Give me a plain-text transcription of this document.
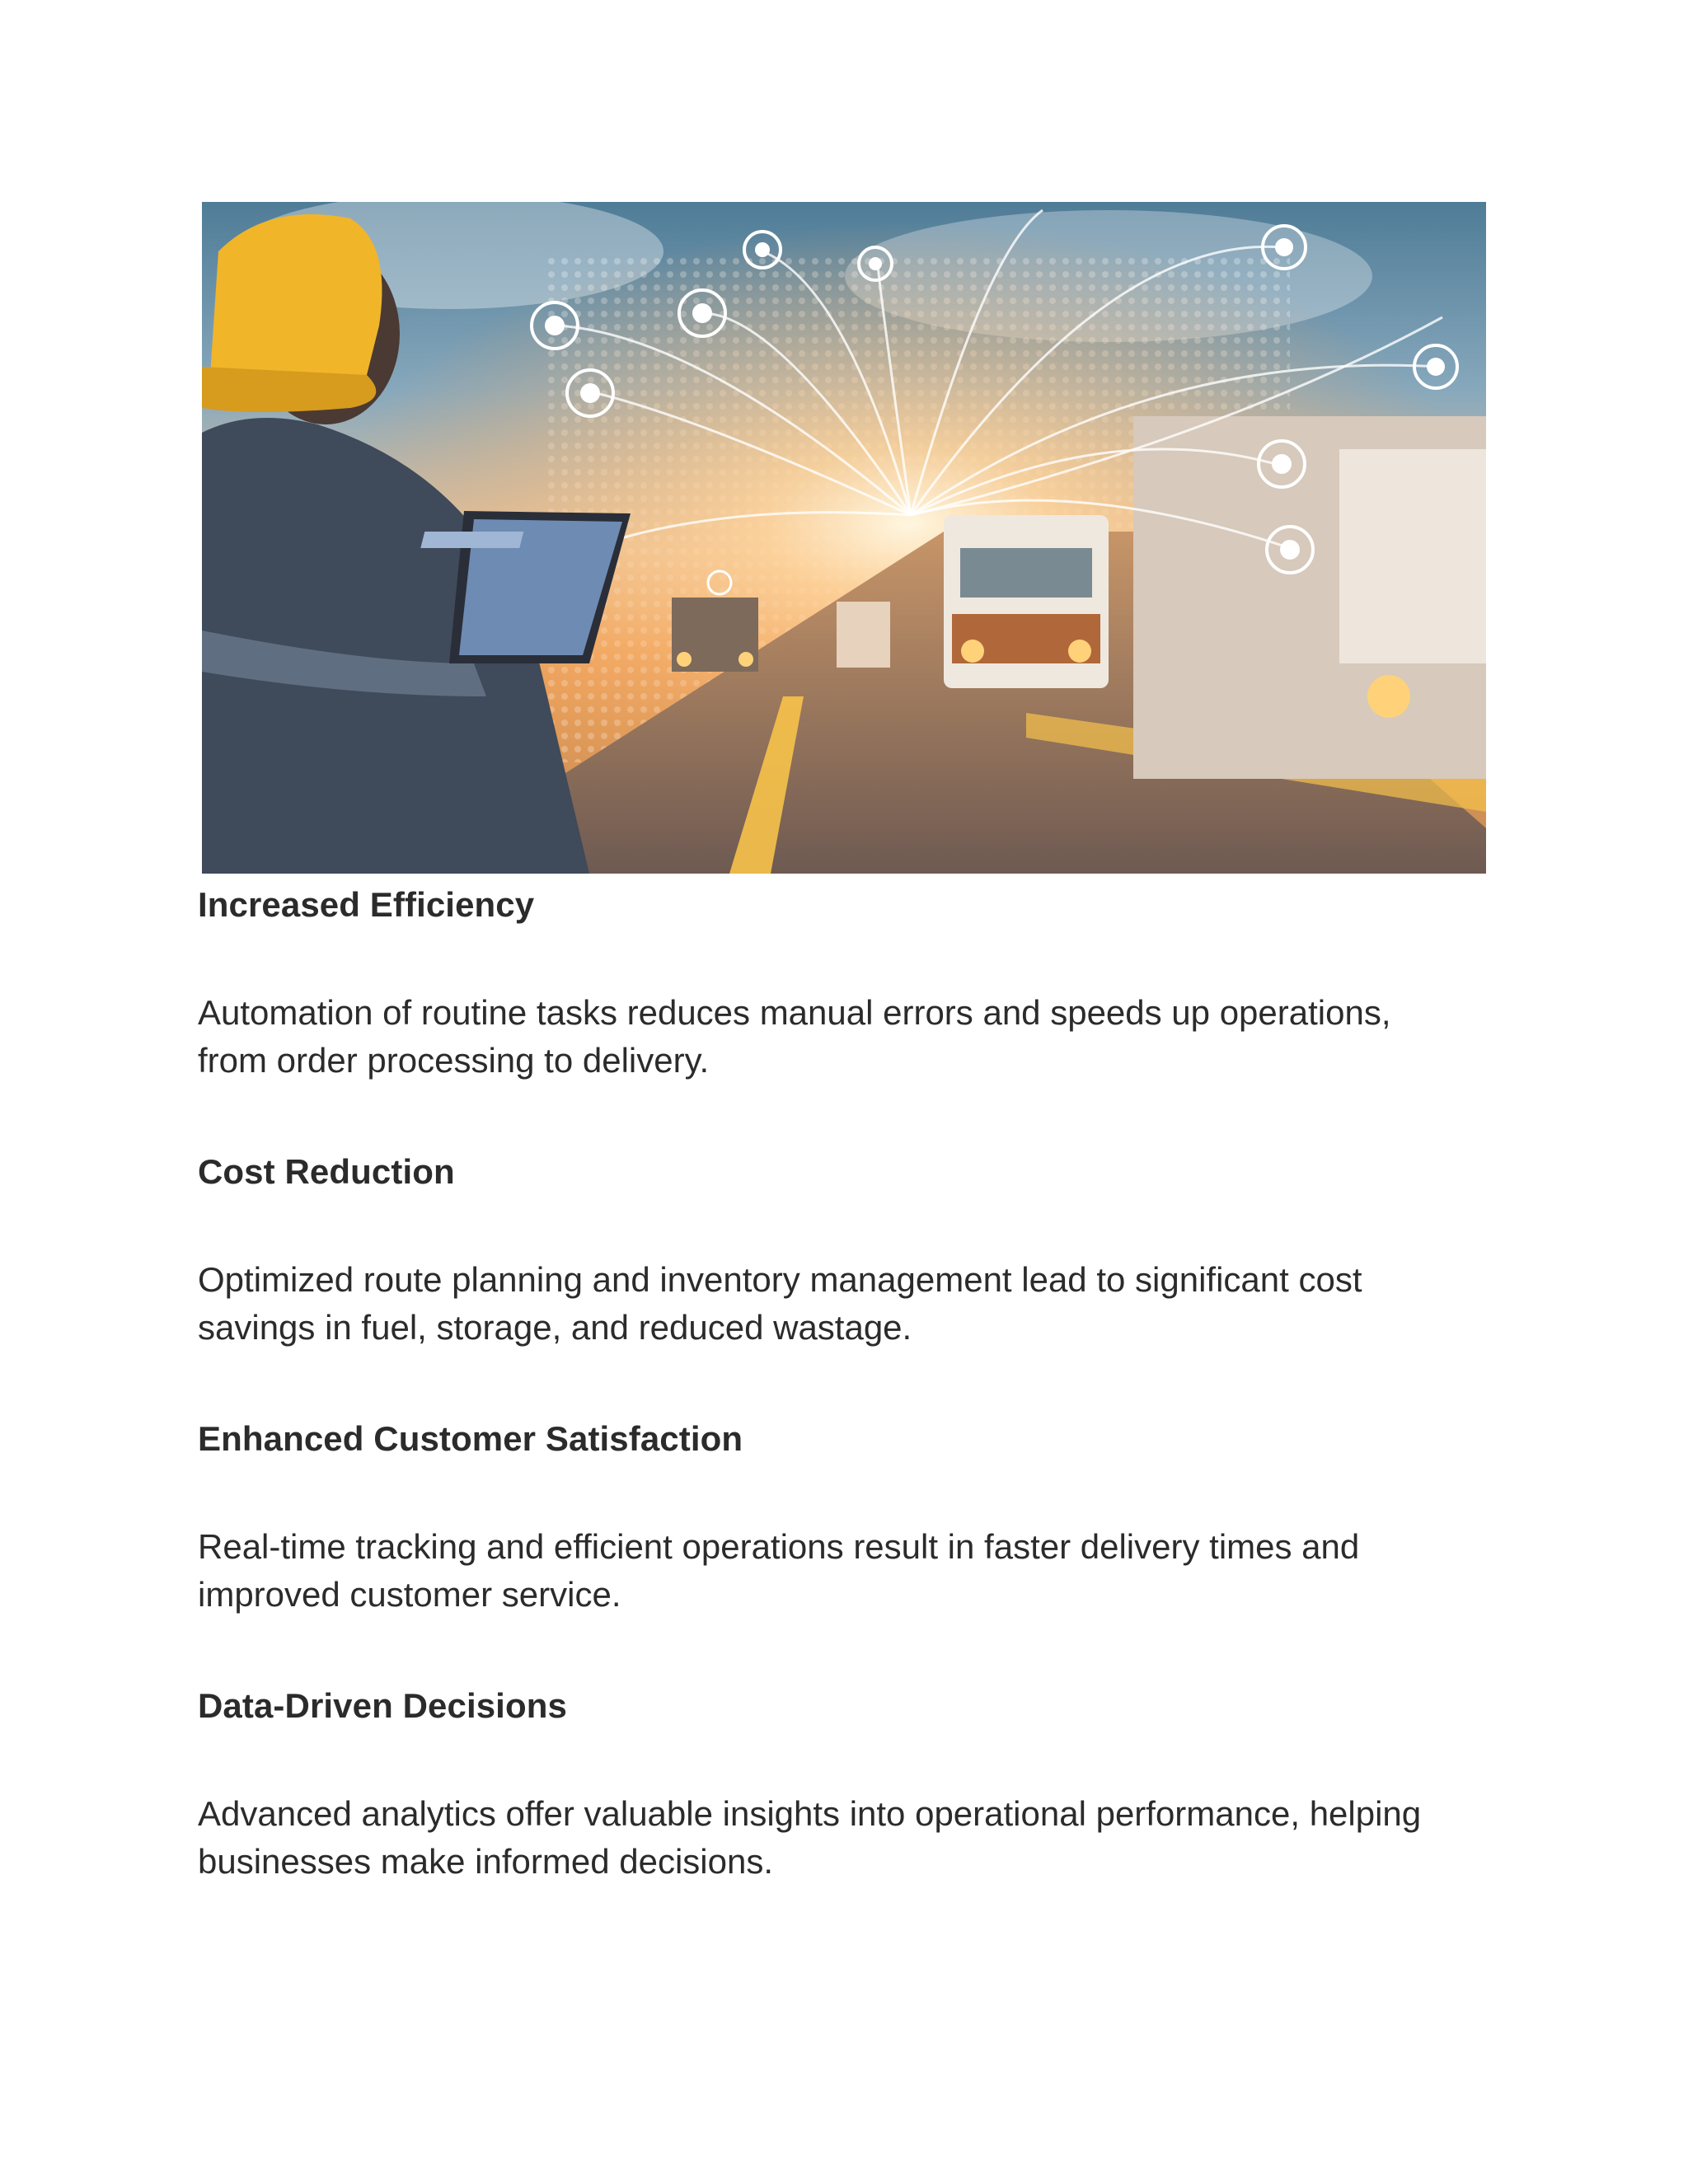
Increased Efficiency

Automation of routine tasks reduces manual errors and speeds up operations,

from order processing to delivery.

Cost Reduction

Optimized route planning and inventory management lead to significant cost

savings in fuel, storage, and reduced wastage.

Enhanced Customer Satisfaction

Real-time tracking and efficient operations result in faster delivery times and

improved customer service.

Data-Driven Decisions

Advanced analytics offer valuable insights into operational performance, helping

businesses make informed decisions.
